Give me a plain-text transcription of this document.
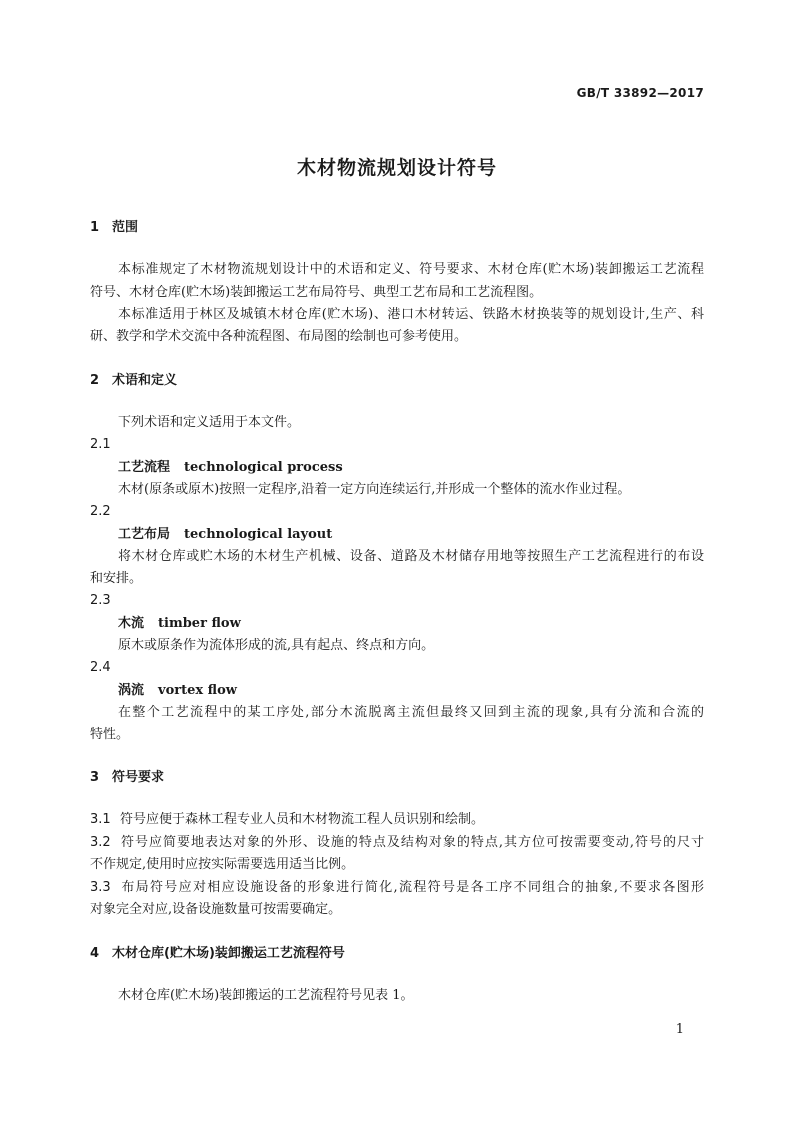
GB/T 33892—2017
木材物流规划设计符号
1 范围
本标准规定了木材物流规划设计中的术语和定义、符号要求、木材仓库(贮木场)装卸搬运工艺流程
符号、木材仓库(贮木场)装卸搬运工艺布局符号、典型工艺布局和工艺流程图。
本标准适用于林区及城镇木材仓库(贮木场)、港口木材转运、铁路木材换装等的规划设计,生产、科
研、教学和学术交流中各种流程图、布局图的绘制也可参考使用。
2 术语和定义
下列术语和定义适用于本文件。
2.1
工艺流程 technological process
木材(原条或原木)按照一定程序,沿着一定方向连续运行,并形成一个整体的流水作业过程。
2.2
工艺布局 technological layout
将木材仓库或贮木场的木材生产机械、设备、道路及木材储存用地等按照生产工艺流程进行的布设
和安排。
2.3
木流 timber flow
原木或原条作为流体形成的流,具有起点、终点和方向。
2.4
涡流 vortex flow
在整个工艺流程中的某工序处,部分木流脱离主流但最终又回到主流的现象,具有分流和合流的
特性。
3 符号要求
3.1 符号应便于森林工程专业人员和木材物流工程人员识别和绘制。
3.2 符号应简要地表达对象的外形、设施的特点及结构对象的特点,其方位可按需要变动,符号的尺寸
不作规定,使用时应按实际需要选用适当比例。
3.3 布局符号应对相应设施设备的形象进行简化,流程符号是各工序不同组合的抽象,不要求各图形
对象完全对应,设备设施数量可按需要确定。
4 木材仓库(贮木场)装卸搬运工艺流程符号
木材仓库(贮木场)装卸搬运的工艺流程符号见表 1。
1
